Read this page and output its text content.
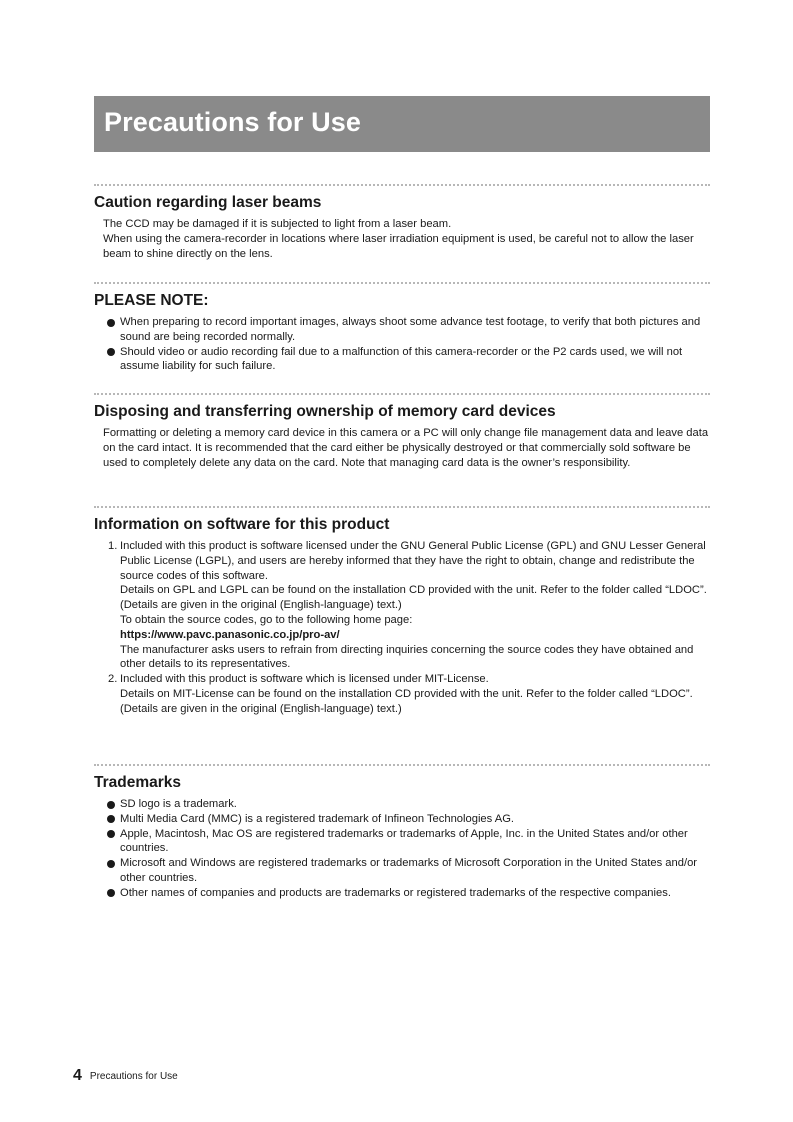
Precautions for Use
Caution regarding laser beams

The CCD may be damaged if it is subjected to light from a laser beam.

When using the camera-recorder in locations where laser irradiation equipment is used, be careful not to allow the laser beam to shine directly on the lens.

PLEASE NOTE:
When preparing to record important images, always shoot some advance test footage, to verify that both pictures and sound are being recorded normally.
Should video or audio recording fail due to a malfunction of this camera-recorder or the P2 cards used, we will not assume liability for such failure.
Disposing and transferring ownership of memory card devices

Formatting or deleting a memory card device in this camera or a PC will only change file management data and leave data on the card intact. It is recommended that the card either be physically destroyed or that commercially sold software be used to completely delete any data on the card. Note that managing card data is the owner’s responsibility.

Information on software for this product
1. Included with this product is software licensed under the GNU General Public License (GPL) and GNU Lesser General Public License (LGPL), and users are hereby informed that they have the right to obtain, change and redistribute the source codes of this software.

Details on GPL and LGPL can be found on the installation CD provided with the unit. Refer to the folder called “LDOC”.

(Details are given in the original (English-language) text.)

To obtain the source codes, go to the following home page:

https://www.pavc.panasonic.co.jp/pro-av/

The manufacturer asks users to refrain from directing inquiries concerning the source codes they have obtained and other details to its representatives.

2. Included with this product is software which is licensed under MIT-License.

Details on MIT-License can be found on the installation CD provided with the unit. Refer to the folder called “LDOC”.

(Details are given in the original (English-language) text.)

Trademarks
SD logo is a trademark.
Multi Media Card (MMC) is a registered trademark of Infineon Technologies AG.
Apple, Macintosh, Mac OS are registered trademarks or trademarks of Apple, Inc. in the United States and/or other countries.
Microsoft and Windows are registered trademarks or trademarks of Microsoft Corporation in the United States and/or other countries.
Other names of companies and products are trademarks or registered trademarks of the respective companies.
4 Precautions for Use
